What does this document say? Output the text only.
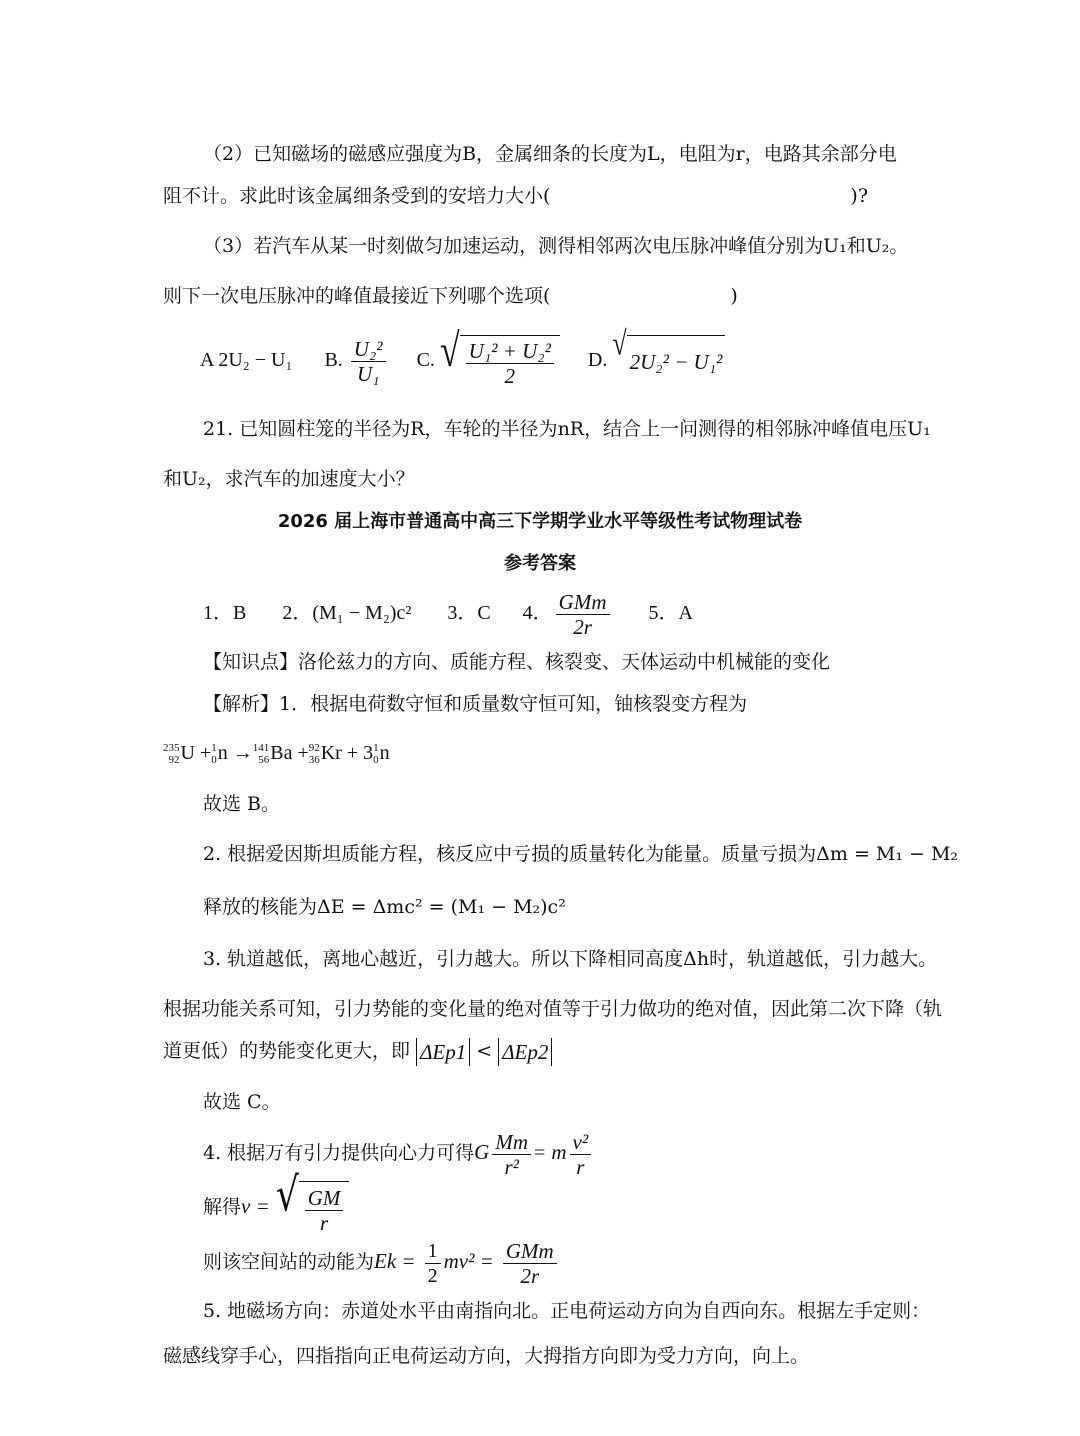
（2）已知磁场的磁感应强度为B，金属细条的长度为L，电阻为r，电路其余部分电
阻不计。求此时该金属细条受到的安培力大小(	)?
（3）若汽车从某一时刻做匀加速运动，测得相邻两次电压脉冲峰值分别为U₁和U₂。
则下一次电压脉冲的峰值最接近下列哪个选项(	)
A 2U₂ − U₁ B. $\frac{\text{U₂²}}{\text{U₁}} C$. √ $\frac{\text{U₁² + U₂²}}{2} D$. √ 2U₂² − U₁²
21. 已知圆柱笼的半径为R，车轮的半径为nR，结合上一问测得的相邻脉冲峰值电压U₁
和U₂，求汽车的加速度大小？
2026 届上海市普通高中高三下学期学业水平等级性考试物理试卷
参考答案
1．B 2．(M₁ − M₂)c² 3．C 4． $\frac{\text{GMm}}{2r} 5$．A
【知识点】洛伦兹力的方向、质能方程、核裂变、天体运动中机械能的变化
【解析】1．根据电荷数守恒和质量数守恒可知，铀核裂变方程为
235
92 U + 1
0 n → 141
56 Ba + 92
36 Kr + 3 1
0 n
故选 B。
2. 根据爱因斯坦质能方程，核反应中亏损的质量转化为能量。质量亏损为Δm = M₁ − M₂
释放的核能为ΔE = Δmc² = (M₁ − M₂)c²
3. 轨道越低，离地心越近，引力越大。所以下降相同高度Δh时，轨道越低，引力越大。
根据功能关系可知，引力势能的变化量的绝对值等于引力做功的绝对值，因此第二次下降（轨
道更低）的势能变化更大，即 ΔEp1 < ΔEp2
故选 C。
4. 根据万有引力提供向心力可得G $\frac{Mm}{\text{r²}} = m \frac{\text{v²}}{r}$
解得v = √ $\frac{GM}{r}$
则该空间站的动能为$Ek = \frac{1}{2} mv^2 = \frac{\text{GMm}}{2r}$
5. 地磁场方向：赤道处水平由南指向北。正电荷运动方向为自西向东。根据左手定则：
磁感线穿手心，四指指向正电荷运动方向，大拇指方向即为受力方向，向上。
